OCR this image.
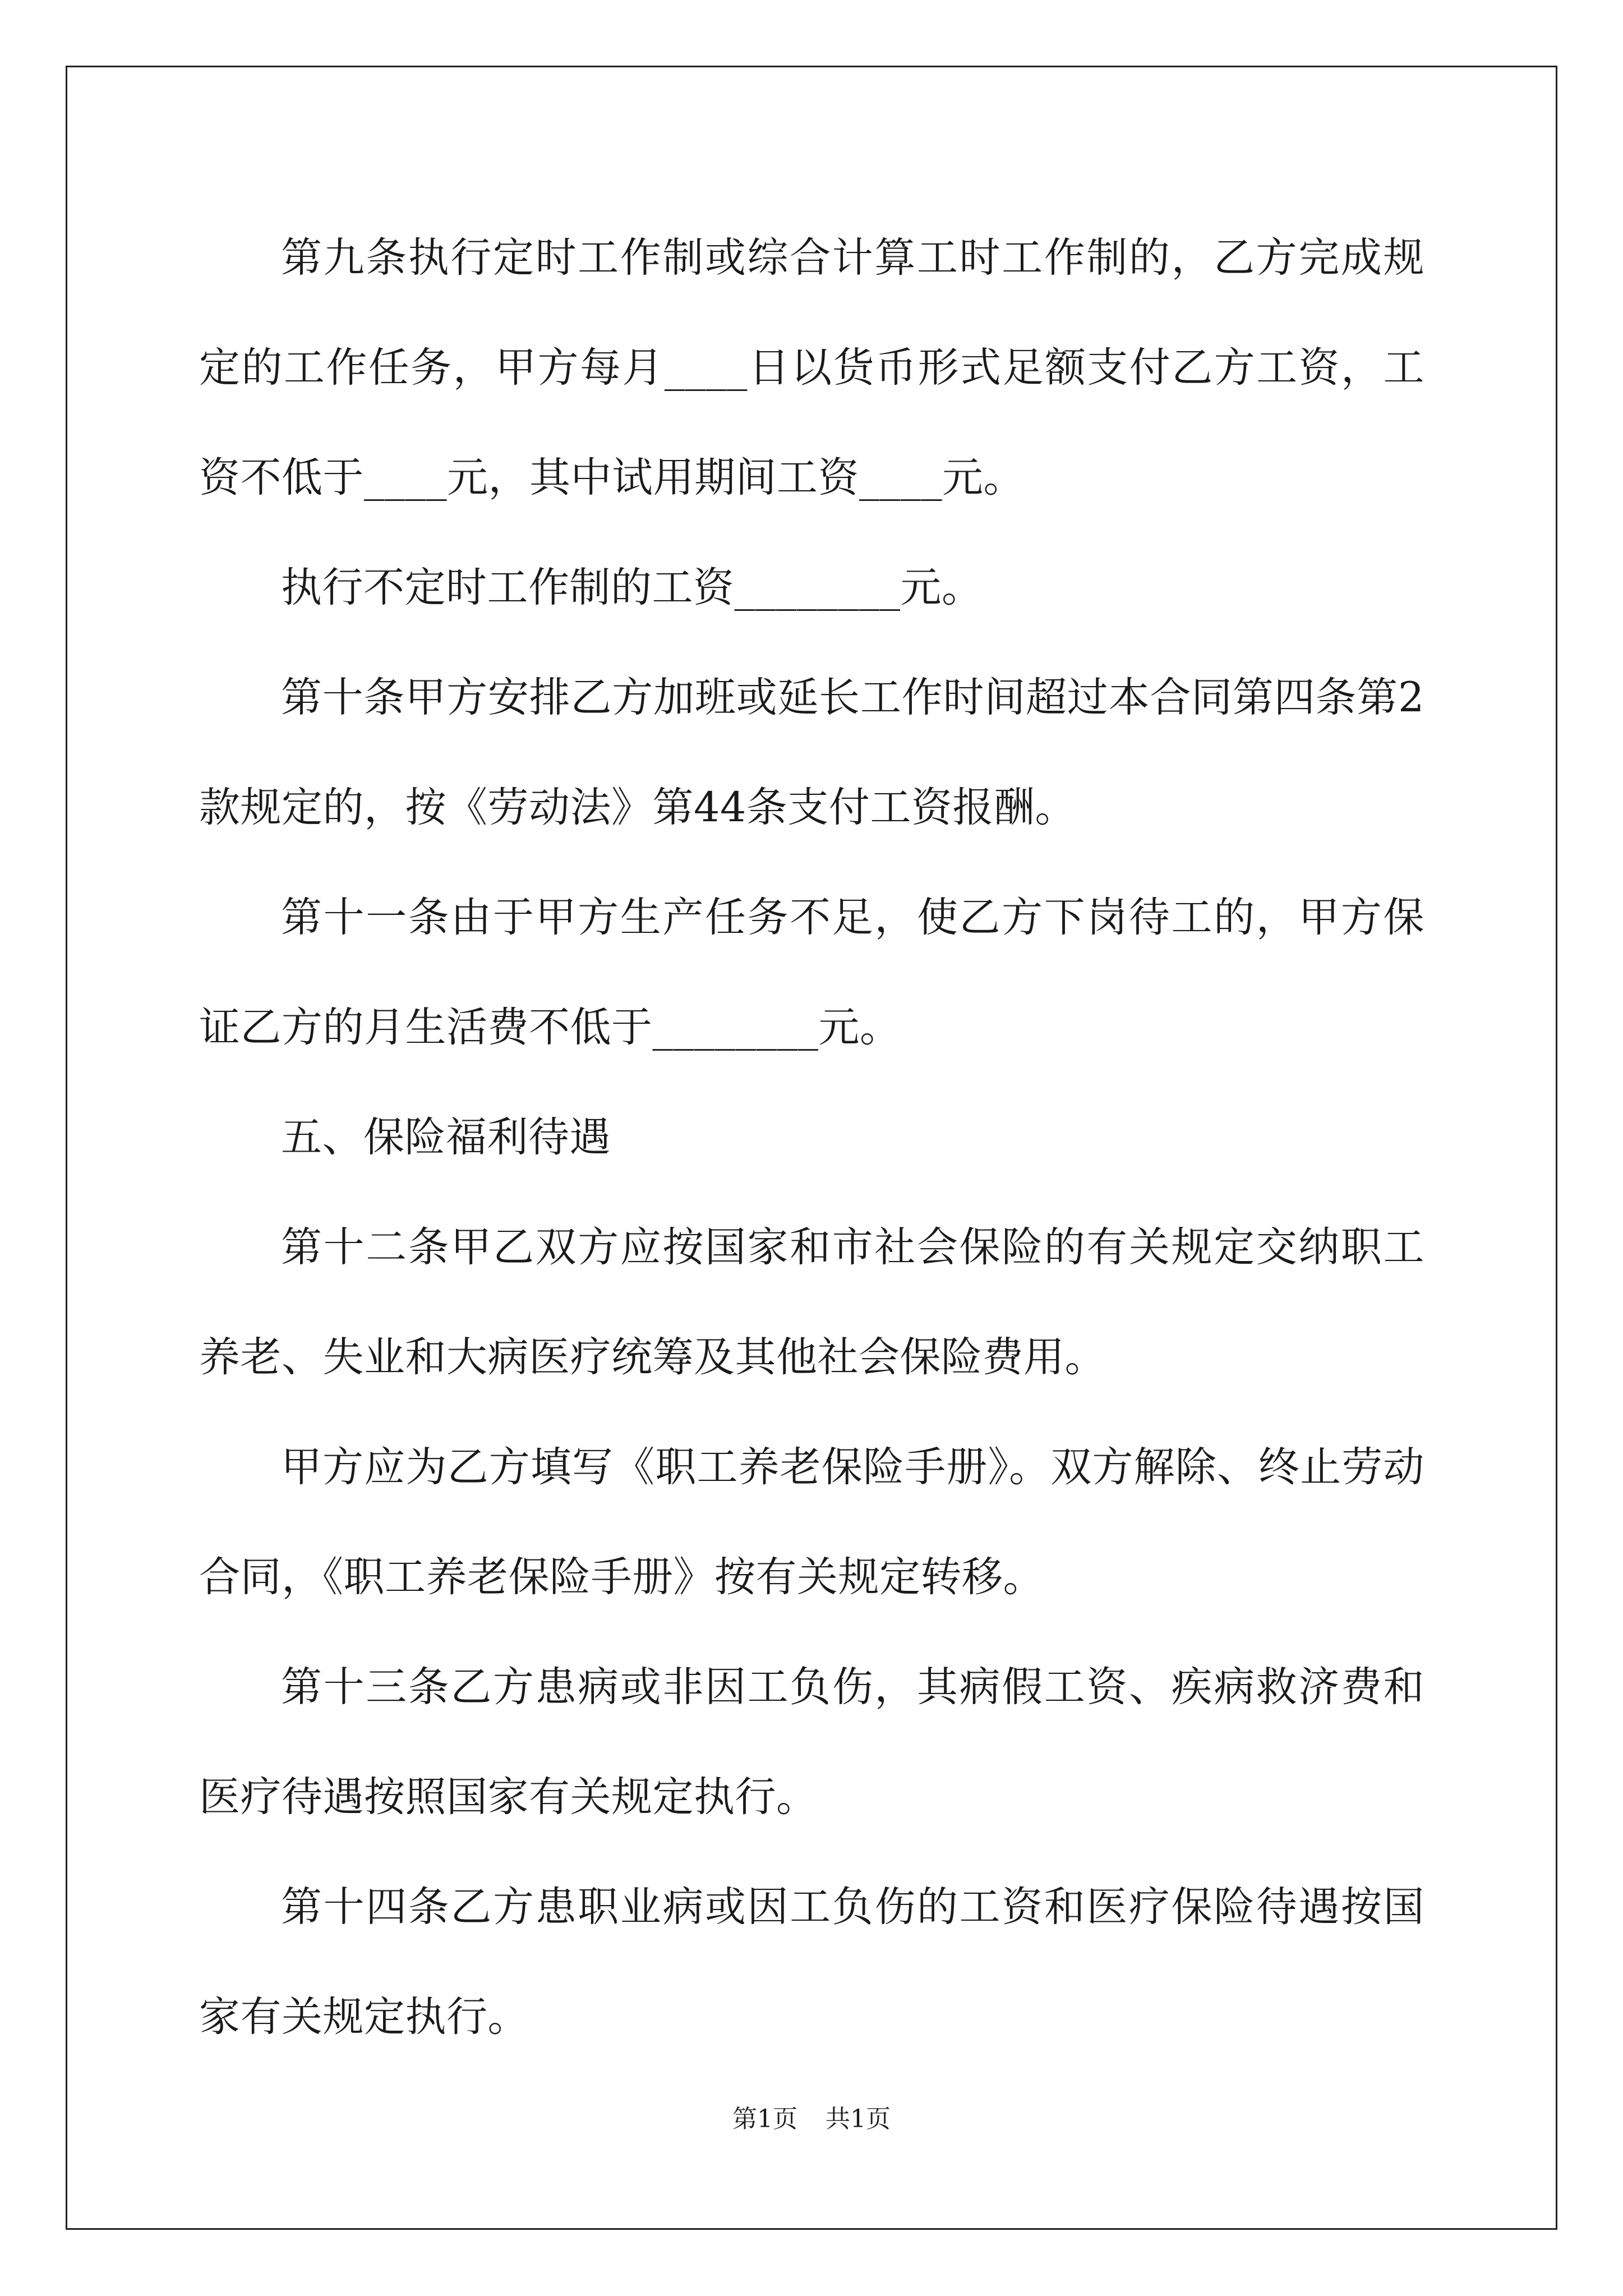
第九条执行定时工作制或综合计算工时工作制的，乙方完成规定的工作任务，甲方每月____日以货币形式足额支付乙方工资，工资不低于____元，其中试用期间工资____元。

执行不定时工作制的工资________元。

第十条甲方安排乙方加班或延长工作时间超过本合同第四条第2款规定的，按《劳动法》第44条支付工资报酬。

第十一条由于甲方生产任务不足，使乙方下岗待工的，甲方保证乙方的月生活费不低于________元。

五、保险福利待遇

第十二条甲乙双方应按国家和市社会保险的有关规定交纳职工养老、失业和大病医疗统筹及其他社会保险费用。

甲方应为乙方填写《职工养老保险手册》。双方解除、终止劳动合同，《职工养老保险手册》按有关规定转移。

第十三条乙方患病或非因工负伤，其病假工资、疾病救济费和医疗待遇按照国家有关规定执行。

第十四条乙方患职业病或因工负伤的工资和医疗保险待遇按国家有关规定执行。

第1页 共1页
